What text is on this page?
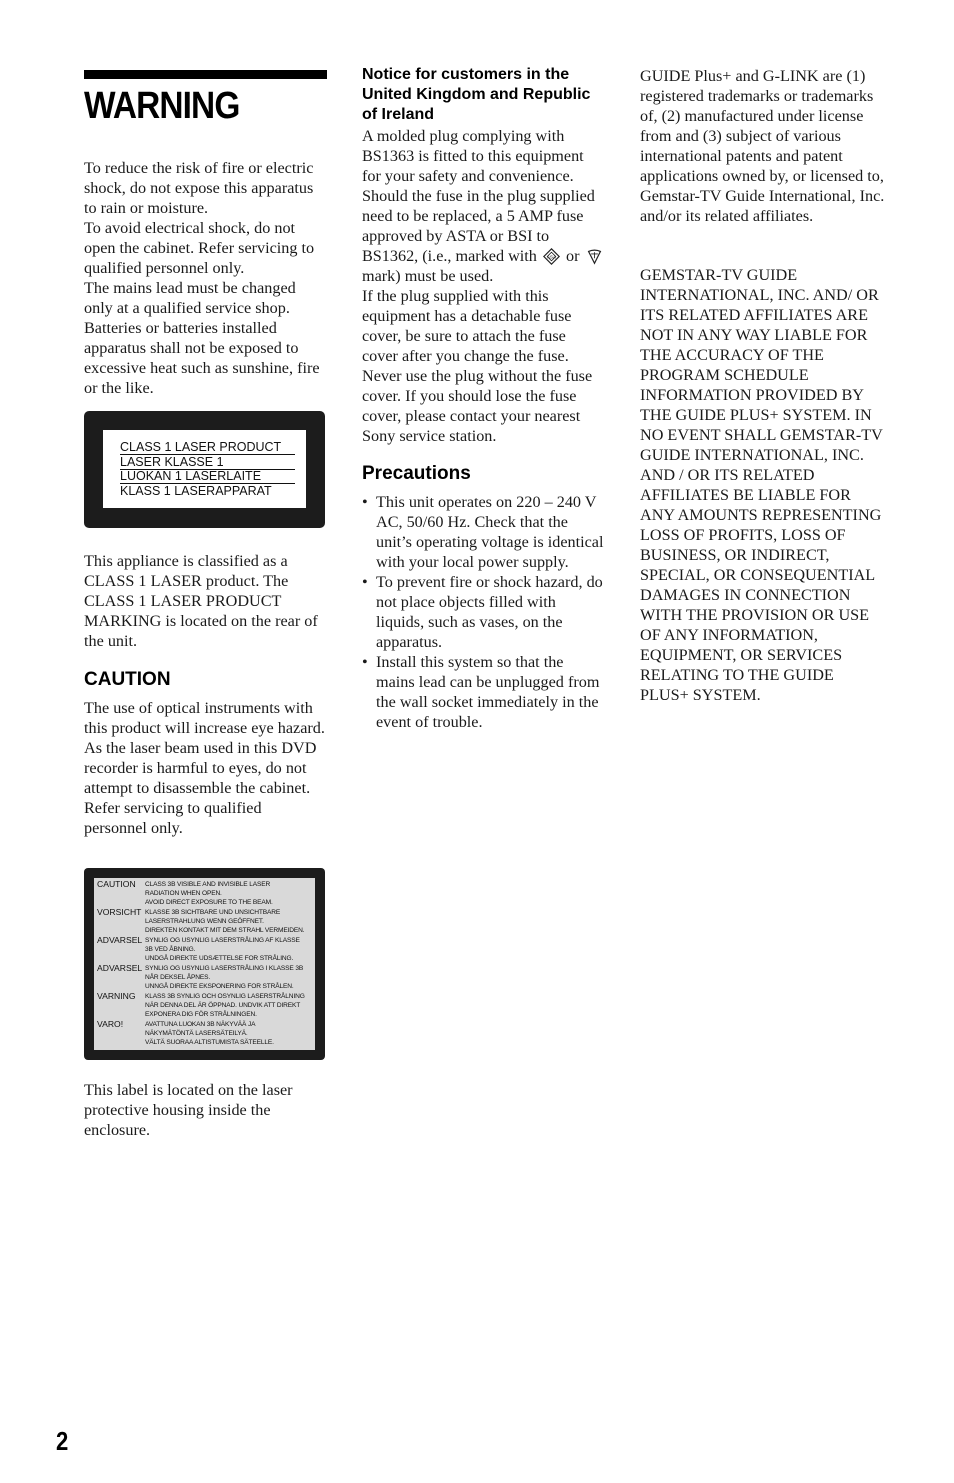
WARNING

To reduce the risk of fire or electric shock, do not expose this apparatus to rain or moisture.

To avoid electrical shock, do not open the cabinet. Refer servicing to qualified personnel only.

The mains lead must be changed only at a qualified service shop.

Batteries or batteries installed apparatus shall not be exposed to excessive heat such as sunshine, fire or the like.

CLASS 1 LASER PRODUCT
LASER KLASSE 1
LUOKAN 1 LASERLAITE
KLASS 1 LASERAPPARAT

This appliance is classified as a CLASS 1 LASER product. The CLASS 1 LASER PRODUCT MARKING is located on the rear of the unit.

CAUTION

The use of optical instruments with this product will increase eye hazard. As the laser beam used in this DVD recorder is harmful to eyes, do not attempt to disassemble the cabinet.

Refer servicing to qualified personnel only.

CAUTION CLASS 3B VISIBLE AND INVISIBLE LASER
RADIATION WHEN OPEN.
AVOID DIRECT EXPOSURE TO THE BEAM.
VORSICHT KLASSE 3B SICHTBARE UND UNSICHTBARE
LASERSTRAHLUNG WENN GEÖFFNET.
DIREKTEN KONTAKT MIT DEM STRAHL VERMEIDEN.
ADVARSEL SYNLIG OG USYNLIG LASERSTRÅLING AF KLASSE
3B VED ÅBNING.
UNDGÅ DIREKTE UDSÆTTELSE FOR STRÅLING.
ADVARSEL SYNLIG OG USYNLIG LASERSTRÅLING I KLASSE 3B
NÅR DEKSEL ÅPNES.
UNNGÅ DIREKTE EKSPONERING FOR STRÅLEN.
VARNING KLASS 3B SYNLIG OCH OSYNLIG LASERSTRÅLNING
NÄR DENNA DEL ÄR ÖPPNAD. UNDVIK ATT DIREKT
EXPONERA DIG FÖR STRÅLNINGEN.
VARO!	AVATTUNA LUOKAN 3B NÄKYVÄÄ JA
NÄKYMÄTÖNTÄ LASERSÄTEILYÄ.
VÄLTÄ SUORAA ALTISTUMISTA SÄTEELLE.

This label is located on the laser protective housing inside the enclosure.

Notice for customers in the United Kingdom and Republic of Ireland

A molded plug complying with BS1363 is fitted to this equipment for your safety and convenience. Should the fuse in the plug supplied need to be replaced, a 5 AMP fuse approved by ASTA or BSI to BS1362, (i.e., marked with ASA or  mark) must be used.

If the plug supplied with this equipment has a detachable fuse cover, be sure to attach the fuse cover after you change the fuse. Never use the plug without the fuse cover. If you should lose the fuse cover, please contact your nearest Sony service station.

Precautions
• This unit operates on 220 – 240 V AC, 50/60 Hz. Check that the unit’s operating voltage is identical with your local power supply.
• To prevent fire or shock hazard, do not place objects filled with liquids, such as vases, on the apparatus.
• Install this system so that the mains lead can be unplugged from the wall socket immediately in the event of trouble.

GUIDE Plus+ and G-LINK are (1) registered trademarks or trademarks of, (2) manufactured under license from and (3) subject of various international patents and patent applications owned by, or licensed to, Gemstar-TV Guide International, Inc. and/or its related affiliates.

GEMSTAR-TV GUIDE INTERNATIONAL, INC. AND/ OR ITS RELATED AFFILIATES ARE NOT IN ANY WAY LIABLE FOR THE ACCURACY OF THE PROGRAM SCHEDULE INFORMATION PROVIDED BY THE GUIDE PLUS+ SYSTEM. IN NO EVENT SHALL GEMSTAR-TV GUIDE INTERNATIONAL, INC. AND / OR ITS RELATED AFFILIATES BE LIABLE FOR ANY AMOUNTS REPRESENTING LOSS OF PROFITS, LOSS OF BUSINESS, OR INDIRECT, SPECIAL, OR CONSEQUENTIAL DAMAGES IN CONNECTION WITH THE PROVISION OR USE OF ANY INFORMATION, EQUIPMENT, OR SERVICES RELATING TO THE GUIDE PLUS+ SYSTEM.

2
